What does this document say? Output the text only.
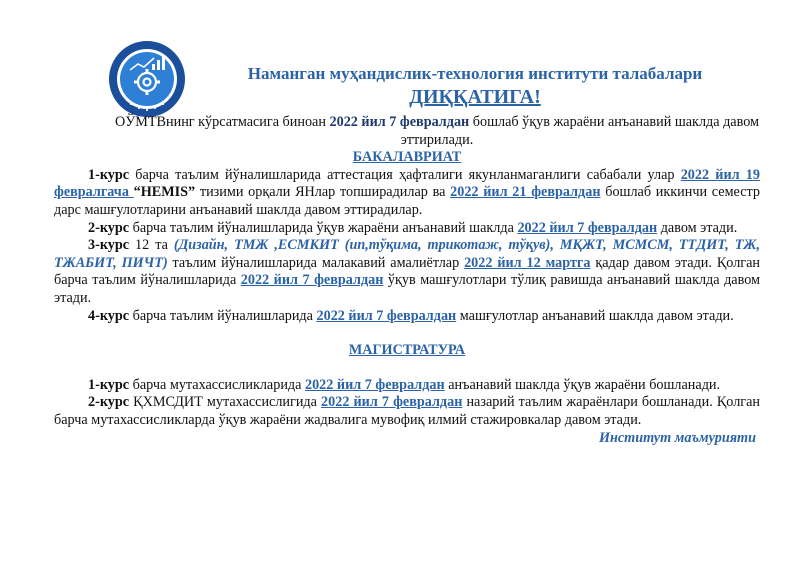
Наманган муҳандислик-технология институти талабалари
ДИҚҚАТИГА!

ОЎМТВнинг кўрсатмасига биноан 2022 йил 7 февралдан бошлаб ўқув жараёни анъанавий шаклда давом эттирилади.

БАКАЛАВРИАТ

1-курс барча таълим йўналишларида аттестация ҳафталиги якунланмаганлиги сабабали улар 2022 йил 19 февралгача “HEMIS” тизими орқали ЯНлар топширадилар ва 2022 йил 21 февралдан бошлаб иккинчи семестр дарс машғулотларини анъанавий шаклда давом эттирадилар.

2-курс барча таълим йўналишларида ўқув жараёни анъанавий шаклда 2022 йил 7 февралдан давом этади.

3-курс 12 та (Дизайн, ТМЖ ,ЕСМКИТ (ип,тўқима, трикотаж, тўқув), МҚЖТ, МСМСМ, ТТДИТ, ТЖ, ТЖАБИТ, ПИЧТ) таълим йўналишларида малакавий амалиётлар 2022 йил 12 мартга қадар давом этади. Қолган барча таълим йўналишларида 2022 йил 7 февралдан ўқув машғулотлари тўлиқ равишда анъанавий шаклда давом этади.

4-курс барча таълим йўналишларида 2022 йил 7 февралдан машғулотлар анъанавий шаклда давом этади.

МАГИСТРАТУРА

1-курс барча мутахассисликларида 2022 йил 7 февралдан анъанавий шаклда ўқув жараёни бошланади.

2-курс ҚХМСДИТ мутахассислигида 2022 йил 7 февралдан назарий таълим жараёнлари бошланади. Қолган барча мутахассисликларда ўқув жараёни жадвалига мувофиқ илмий стажировкалар давом этади.

Институт маъмурияти
